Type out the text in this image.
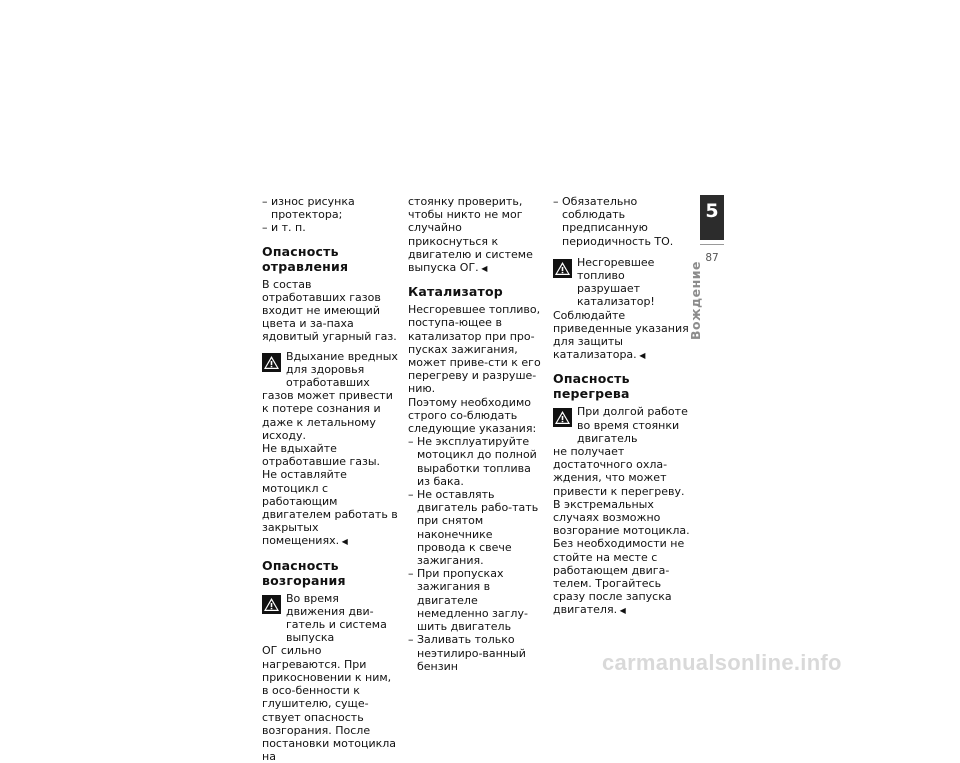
– износ рисунка протектора;

– и т. п.

Опасность отравления

В состав отработавших газов входит не имеющий цвета и за-паха ядовитый угарный газ.

Вдыхание вредных для здоровья отработавших

газов может привести к потере сознания и даже к летальному исходу.

Не вдыхайте отработавшие газы. Не оставляйте мотоцикл с работающим двигателем работать в закрытых помещениях. ◀

Опасность возгорания

Во время движения дви-гатель и система выпуска

ОГ сильно нагреваются. При прикосновении к ним, в осо-бенности к глушителю, суще-ствует опасность возгорания. После постановки мотоцикла на

стоянку проверить, чтобы никто не мог случайно прикоснуться к двигателю и системе выпуска ОГ. ◀

Катализатор

Несгоревшее топливо, поступа-ющее в катализатор при про-пусках зажигания, может приве-сти к его перегреву и разруше-нию.

Поэтому необходимо строго со-блюдать следующие указания:

– Не эксплуатируйте мотоцикл до полной выработки топлива из бака.

– Не оставлять двигатель рабо-тать при снятом наконечнике провода к свече зажигания.

– При пропусках зажигания в двигателе немедленно заглу-шить двигатель

– Заливать только неэтилиро-ванный бензин

– Обязательно соблюдать предписанную периодичность ТО.

Несгоревшее топливо разрушает катализатор!

Соблюдайте приведенные указания для защиты катализатора. ◀

Опасность перегрева

При долгой работе во время стоянки двигатель

не получает достаточного охла-ждения, что может привести к перегреву. В экстремальных случаях возможно возгорание мотоцикла.

Без необходимости не стойте на месте с работающем двига-телем. Трогайтесь сразу после запуска двигателя. ◀

5
87
Вождение
carmanualsonline.info
